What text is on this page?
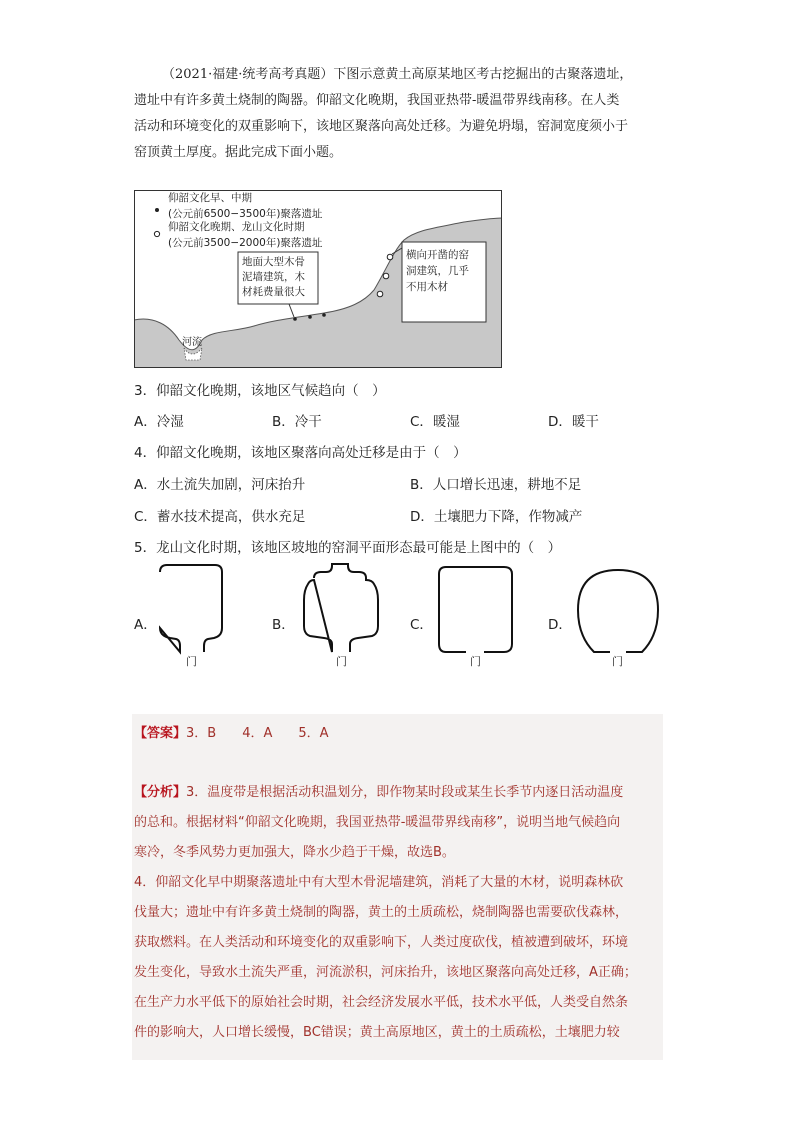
（2021·福建·统考高考真题）下图示意黄土高原某地区考古挖掘出的古聚落遗址，
遗址中有许多黄土烧制的陶器。仰韶文化晚期，我国亚热带-暖温带界线南移。在人类
活动和环境变化的双重影响下，该地区聚落向高处迁移。为避免坍塌，窑洞宽度须小于
窑顶黄土厚度。据此完成下面小题。
仰韶文化早、中期
(公元前6500−3500年)聚落遗址
仰韶文化晚期、龙山文化时期
(公元前3500−2000年)聚落遗址
地面大型木骨
泥墙建筑，木
材耗费量很大
横向开凿的窑
洞建筑，几乎
不用木材
河流
3．仰韶文化晚期，该地区气候趋向（　）
A．冷湿	B．冷干	C．暖湿	D．暖干
4．仰韶文化晚期，该地区聚落向高处迁移是由于（　）
A．水土流失加剧，河床抬升	B．人口增长迅速，耕地不足
C．蓄水技术提高，供水充足	D．土壤肥力下降，作物减产
5．龙山文化时期，该地区坡地的窑洞平面形态最可能是上图中的（　）
A．
门
B．
门
C．
门
D．
门
【答案】3．B　　4．A　　5．A
【分析】3．温度带是根据活动积温划分，即作物某时段或某生长季节内逐日活动温度
的总和。根据材料“仰韶文化晚期，我国亚热带-暖温带界线南移”，说明当地气候趋向
寒冷，冬季风势力更加强大，降水少趋于干燥，故选B。
4．仰韶文化早中期聚落遗址中有大型木骨泥墙建筑，消耗了大量的木材，说明森林砍
伐量大；遗址中有许多黄土烧制的陶器，黄土的土质疏松，烧制陶器也需要砍伐森林，
获取燃料。在人类活动和环境变化的双重影响下，人类过度砍伐，植被遭到破坏，环境
发生变化，导致水土流失严重，河流淤积，河床抬升，该地区聚落向高处迁移，A正确；
在生产力水平低下的原始社会时期，社会经济发展水平低，技术水平低，人类受自然条
件的影响大，人口增长缓慢，BC错误；黄土高原地区，黄土的土质疏松，土壤肥力较
